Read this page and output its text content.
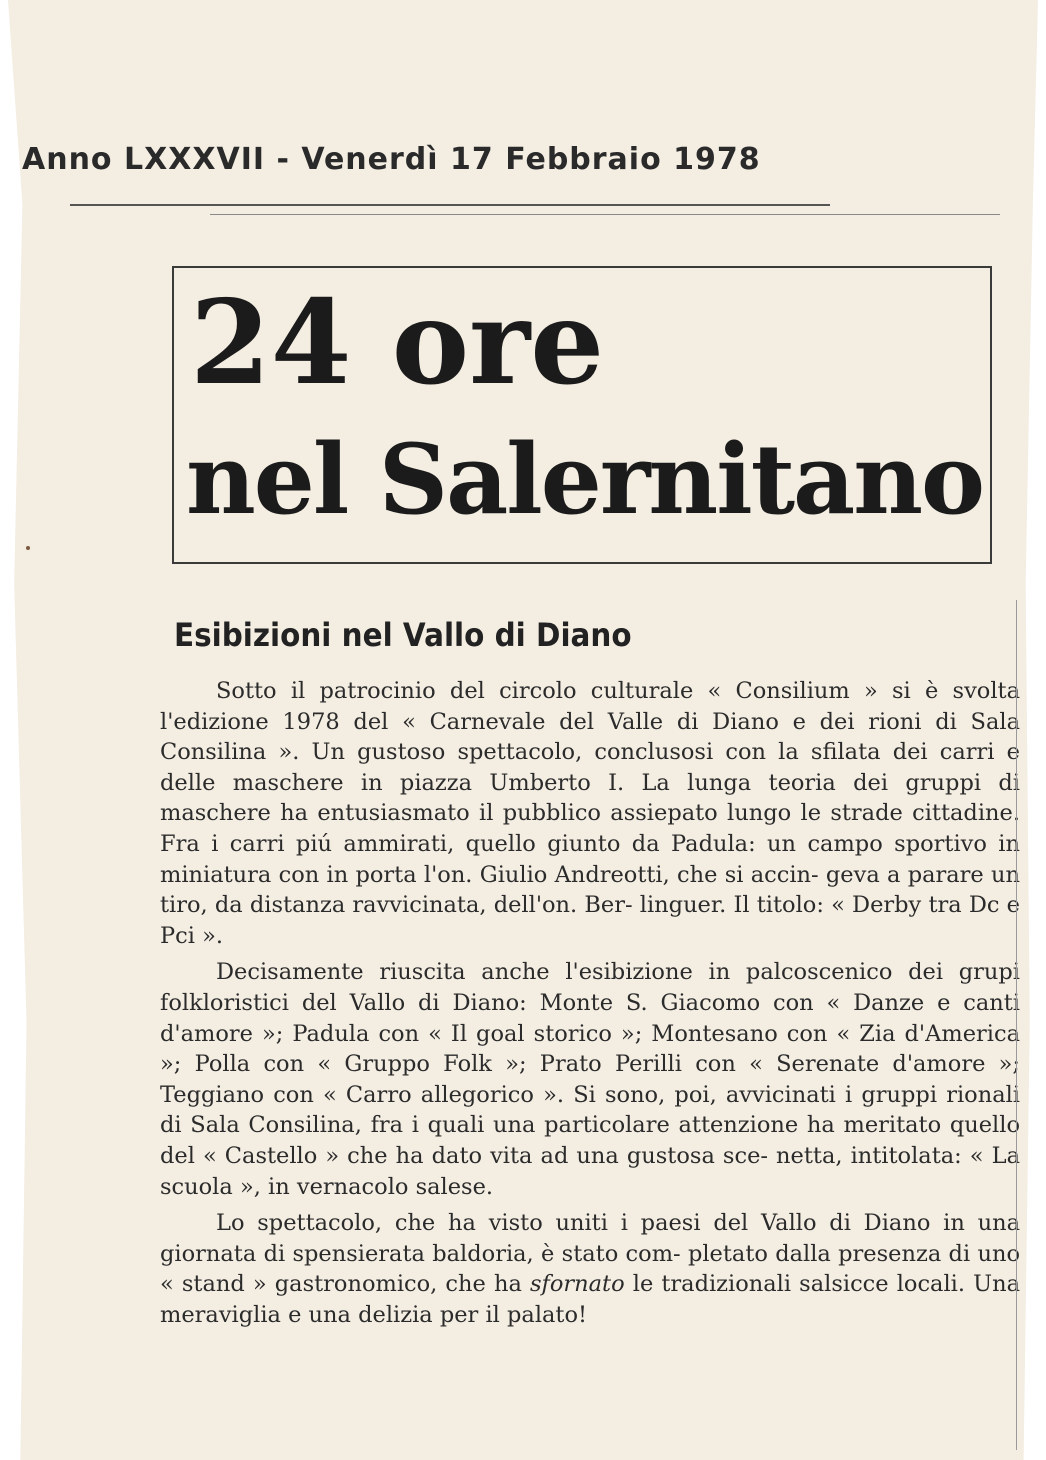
Anno LXXXVII - Venerdì 17 Febbraio 1978
24 ore
nel Salernitano
Esibizioni nel Vallo di Diano

Sotto il patrocinio del circolo culturale « Consilium » si è svolta l'edizione 1978 del « Carnevale del Valle di Diano e dei rioni di Sala Consilina ». Un gustoso spettacolo, conclusosi con la sfilata dei carri e delle maschere in piazza Umberto I. La lunga teoria dei gruppi di maschere ha entusiasmato il pubblico assiepato lungo le strade cittadine. Fra i carri piú ammirati, quello giunto da Padula: un campo sportivo in miniatura con in porta l'on. Giulio Andreotti, che si accin- geva a parare un tiro, da distanza ravvicinata, dell'on. Ber- linguer. Il titolo: « Derby tra Dc e Pci ».

Decisamente riuscita anche l'esibizione in palcoscenico dei grupi folkloristici del Vallo di Diano: Monte S. Giacomo con « Danze e canti d'amore »; Padula con « Il goal storico »; Montesano con « Zia d'America »; Polla con « Gruppo Folk »; Prato Perilli con « Serenate d'amore »; Teggiano con « Carro allegorico ». Si sono, poi, avvicinati i gruppi rionali di Sala Consilina, fra i quali una particolare attenzione ha meritato quello del « Castello » che ha dato vita ad una gustosa sce- netta, intitolata: « La scuola », in vernacolo salese.

Lo spettacolo, che ha visto uniti i paesi del Vallo di Diano in una giornata di spensierata baldoria, è stato com- pletato dalla presenza di uno « stand » gastronomico, che ha sfornato le tradizionali salsicce locali. Una meraviglia e una delizia per il palato!
